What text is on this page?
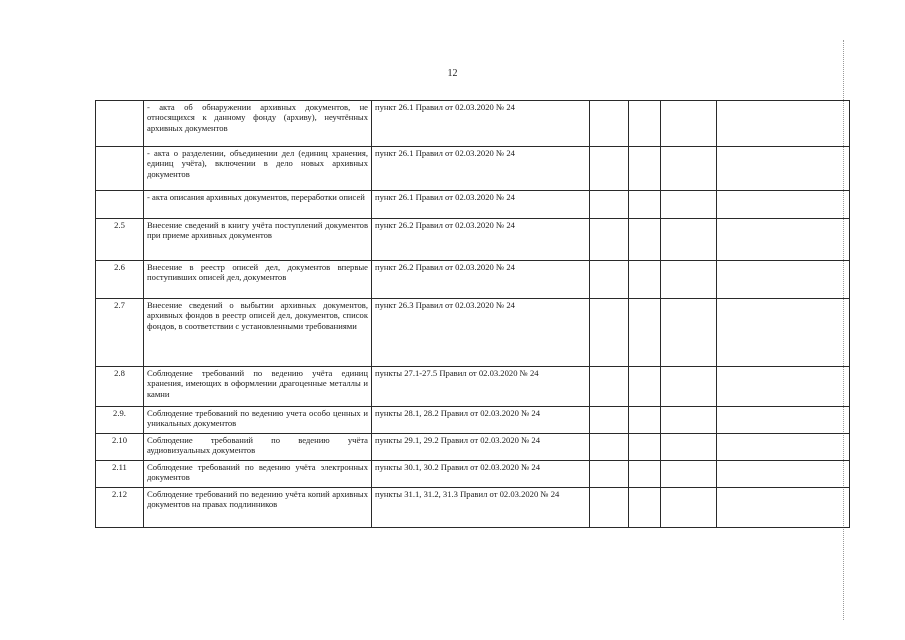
12
	- акта об обнаружении архивных документов, не относящихся к данному фонду (архиву), неучтённых архивных документов	пункт 26.1 Правил от 02.03.2020 № 24				
	- акта о разделении, объединении дел (единиц хранения, единиц учёта), включении в дело новых архивных документов	пункт 26.1 Правил от 02.03.2020 № 24				
	- акта описания архивных документов, переработки описей	пункт 26.1 Правил от 02.03.2020 № 24				
2.5	Внесение сведений в книгу учёта поступлений документов при приеме архивных документов	пункт 26.2 Правил от 02.03.2020 № 24				
2.6	Внесение в реестр описей дел, документов впервые поступивших описей дел, документов	пункт 26.2 Правил от 02.03.2020 № 24				
2.7	Внесение сведений о выбытии архивных документов, архивных фондов в реестр описей дел, документов, список фондов, в соответствии с установленными требованиями	пункт 26.3 Правил от 02.03.2020 № 24				
2.8	Соблюдение требований по ведению учёта единиц хранения, имеющих в оформлении драгоценные металлы и камни	пункты 27.1-27.5 Правил от 02.03.2020 № 24				
2.9.	Соблюдение требований по ведению учета особо ценных и уникальных документов	пункты 28.1, 28.2 Правил от 02.03.2020 № 24				
2.10	Соблюдение требований по ведению учёта аудиовизуальных документов	пункты 29.1, 29.2 Правил от 02.03.2020 № 24				
2.11	Соблюдение требований по ведению учёта электронных документов	пункты 30.1, 30.2 Правил от 02.03.2020 № 24				
2.12	Соблюдение требований по ведению учёта копий архивных документов на правах подлинников	пункты 31.1, 31.2, 31.3 Правил от 02.03.2020 № 24				
